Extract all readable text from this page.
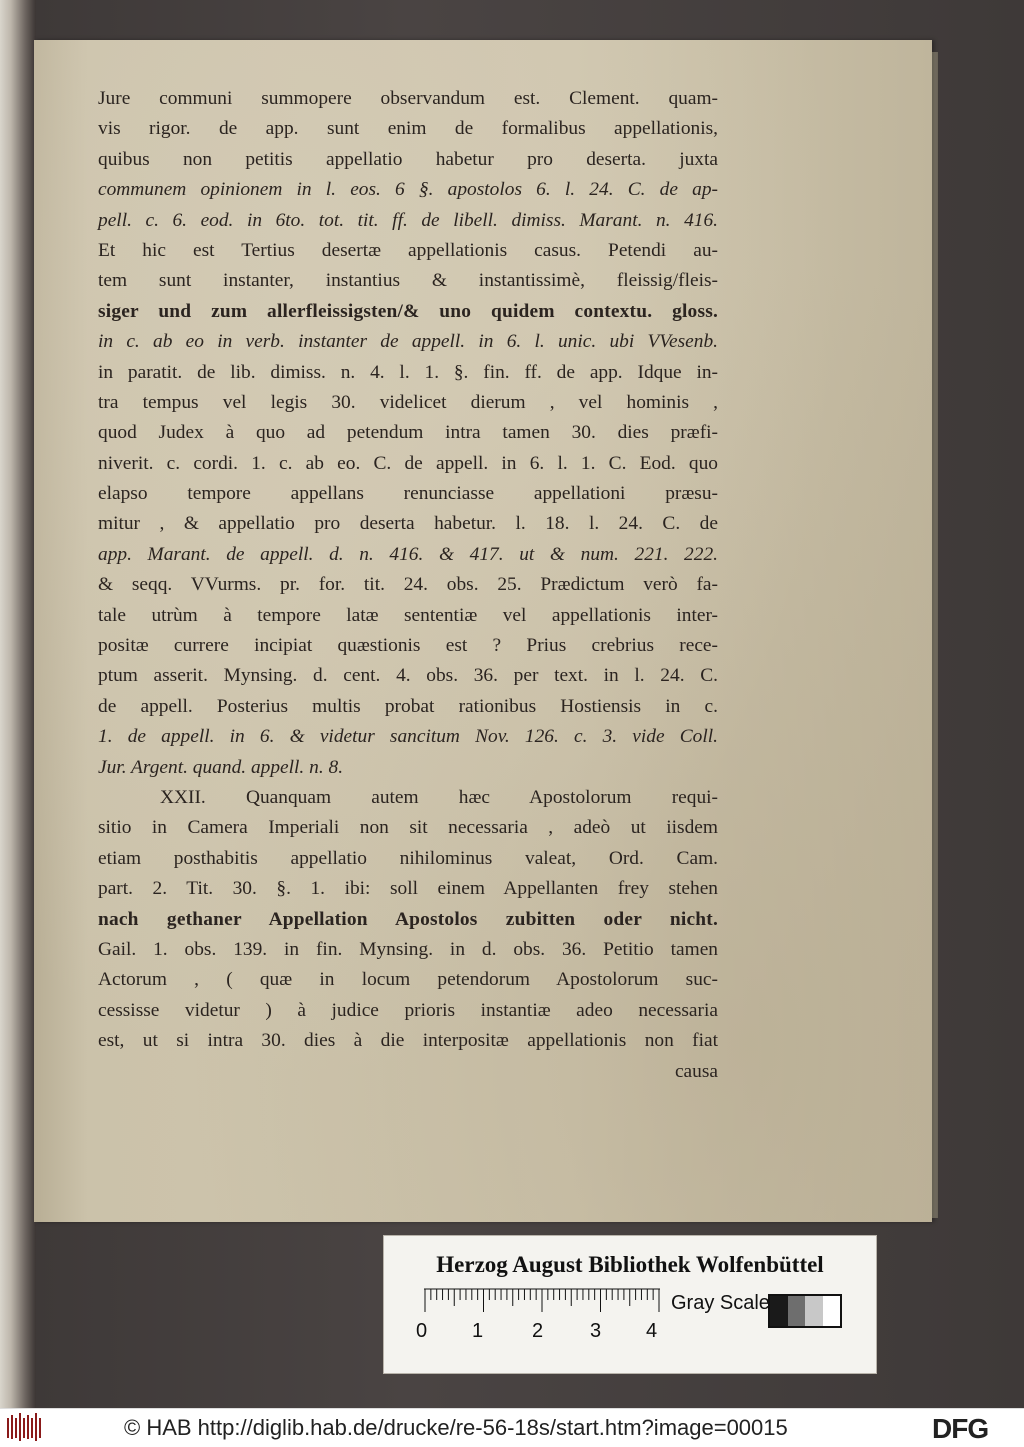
Jure communi summopere observandum est. Clement. quam-
vis rigor. de app. sunt enim de formalibus appellationis,
quibus non petitis appellatio habetur pro deserta. juxta
communem opinionem in l. eos. 6 §. apostolos 6. l. 24. C. de ap-
pell. c. 6. eod. in 6to. tot. tit. ff. de libell. dimiss. Marant. n. 416.
Et hic est Tertius desertæ appellationis casus. Petendi au-
tem sunt instanter, instantius & instantissimè, fleissig/fleis-
siger und zum allerfleissigsten/& uno quidem contextu. gloss.
in c. ab eo in verb. instanter de appell. in 6. l. unic. ubi VVesenb.
in paratit. de lib. dimiss. n. 4. l. 1. §. fin. ff. de app. Idque in-
tra tempus vel legis 30. videlicet dierum , vel hominis ,
quod Judex à quo ad petendum intra tamen 30. dies præfi-
niverit. c. cordi. 1. c. ab eo. C. de appell. in 6. l. 1. C. Eod. quo
elapso tempore appellans renunciasse appellationi præsu-
mitur , & appellatio pro deserta habetur. l. 18. l. 24. C. de
app. Marant. de appell. d. n. 416. & 417. ut & num. 221. 222.
& seqq. VVurms. pr. for. tit. 24. obs. 25. Prædictum verò fa-
tale utrùm à tempore latæ sententiæ vel appellationis inter-
positæ currere incipiat quæstionis est ? Prius crebrius rece-
ptum asserit. Mynsing. d. cent. 4. obs. 36. per text. in l. 24. C.
de appell. Posterius multis probat rationibus Hostiensis in c.
1. de appell. in 6. & videtur sancitum Nov. 126. c. 3. vide Coll.
Jur. Argent. quand. appell. n. 8.
XXII. Quanquam autem hæc Apostolorum requi-
sitio in Camera Imperiali non sit necessaria , adeò ut iisdem
etiam posthabitis appellatio nihilominus valeat, Ord. Cam.
part. 2. Tit. 30. §. 1. ibi: soll einem Appellanten frey stehen
nach gethaner Appellation Apostolos zubitten oder nicht.
Gail. 1. obs. 139. in fin. Mynsing. in d. obs. 36. Petitio tamen
Actorum , ( quæ in locum petendorum Apostolorum suc-
cessisse videtur ) à judice prioris instantiæ adeo necessaria
est, ut si intra 30. dies à die interpositæ appellationis non fiat
causa
Herzog August Bibliothek Wolfenbüttel
0 1 2 3 4
Gray Scale
© HAB http://diglib.hab.de/drucke/re-56-18s/start.htm?image=00015	DFG
